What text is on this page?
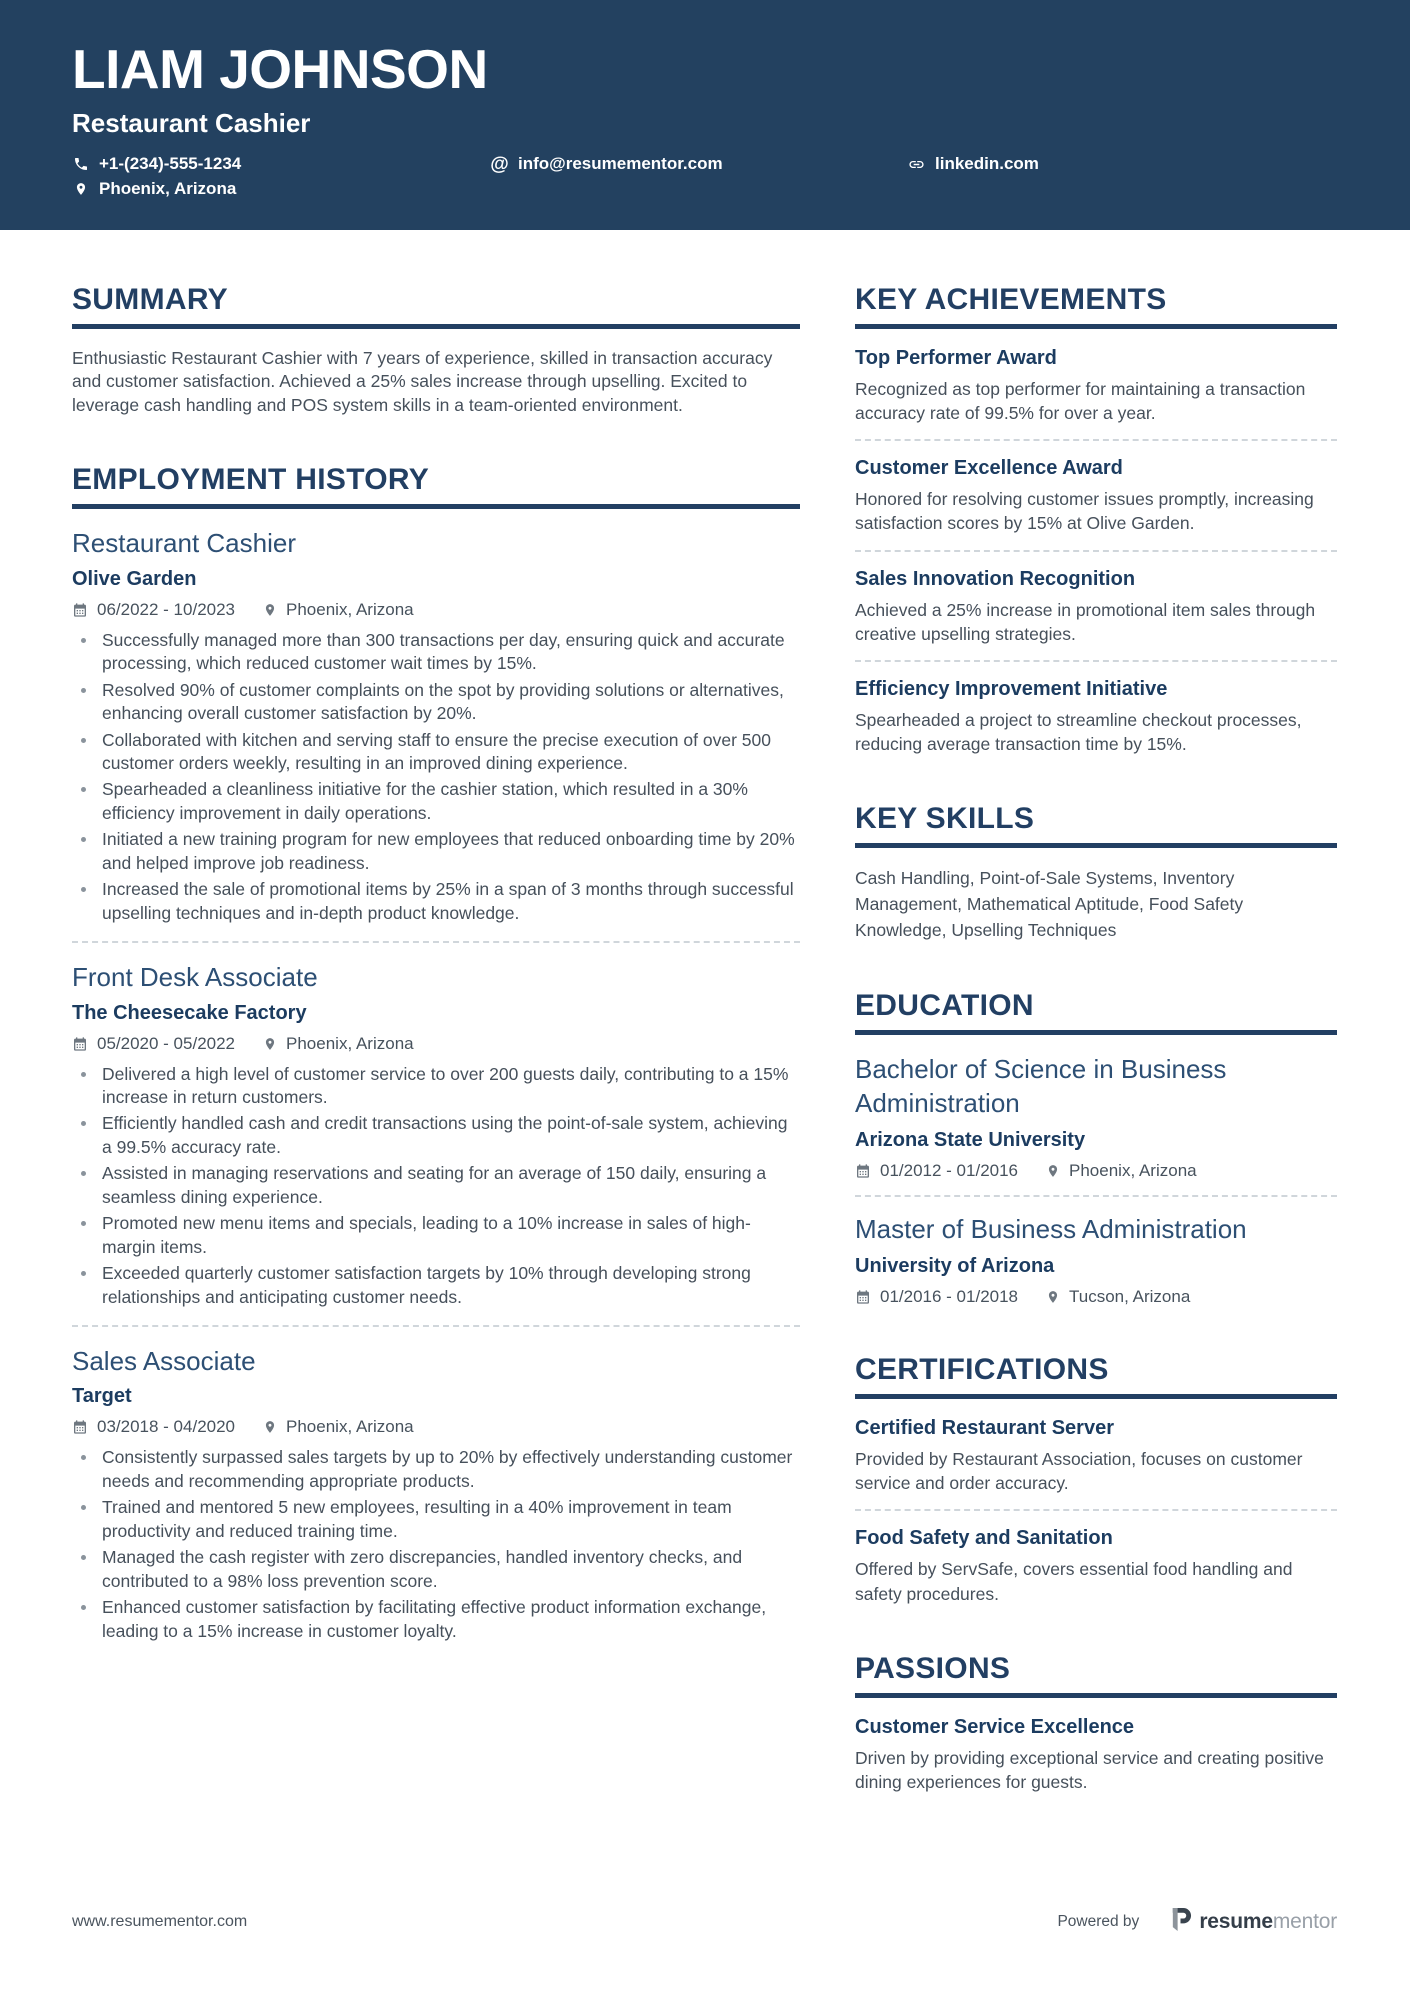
LIAM JOHNSON
Restaurant Cashier
+1-(234)-555-1234	@ info@resumementor.com	linkedin.com
Phoenix, Arizona
SUMMARY

Enthusiastic Restaurant Cashier with 7 years of experience, skilled in transaction accuracy and customer satisfaction. Achieved a 25% sales increase through upselling. Excited to leverage cash handling and POS system skills in a team-oriented environment.

EMPLOYMENT HISTORY
Restaurant Cashier
Olive Garden
06/2022 - 10/2023	Phoenix, Arizona
Successfully managed more than 300 transactions per day, ensuring quick and accurate processing, which reduced customer wait times by 15%.
Resolved 90% of customer complaints on the spot by providing solutions or alternatives, enhancing overall customer satisfaction by 20%.
Collaborated with kitchen and serving staff to ensure the precise execution of over 500 customer orders weekly, resulting in an improved dining experience.
Spearheaded a cleanliness initiative for the cashier station, which resulted in a 30% efficiency improvement in daily operations.
Initiated a new training program for new employees that reduced onboarding time by 20% and helped improve job readiness.
Increased the sale of promotional items by 25% in a span of 3 months through successful upselling techniques and in-depth product knowledge.
Front Desk Associate
The Cheesecake Factory
05/2020 - 05/2022	Phoenix, Arizona
Delivered a high level of customer service to over 200 guests daily, contributing to a 15% increase in return customers.
Efficiently handled cash and credit transactions using the point-of-sale system, achieving a 99.5% accuracy rate.
Assisted in managing reservations and seating for an average of 150 daily, ensuring a seamless dining experience.
Promoted new menu items and specials, leading to a 10% increase in sales of high-margin items.
Exceeded quarterly customer satisfaction targets by 10% through developing strong relationships and anticipating customer needs.
Sales Associate
Target
03/2018 - 04/2020	Phoenix, Arizona
Consistently surpassed sales targets by up to 20% by effectively understanding customer needs and recommending appropriate products.
Trained and mentored 5 new employees, resulting in a 40% improvement in team productivity and reduced training time.
Managed the cash register with zero discrepancies, handled inventory checks, and contributed to a 98% loss prevention score.
Enhanced customer satisfaction by facilitating effective product information exchange, leading to a 15% increase in customer loyalty.
KEY ACHIEVEMENTS
Top Performer Award

Recognized as top performer for maintaining a transaction accuracy rate of 99.5% for over a year.

Customer Excellence Award

Honored for resolving customer issues promptly, increasing satisfaction scores by 15% at Olive Garden.

Sales Innovation Recognition

Achieved a 25% increase in promotional item sales through creative upselling strategies.

Efficiency Improvement Initiative

Spearheaded a project to streamline checkout processes, reducing average transaction time by 15%.

KEY SKILLS

Cash Handling, Point-of-Sale Systems, Inventory Management, Mathematical Aptitude, Food Safety Knowledge, Upselling Techniques

EDUCATION
Bachelor of Science in Business Administration
Arizona State University
01/2012 - 01/2016	Phoenix, Arizona
Master of Business Administration
University of Arizona
01/2016 - 01/2018	Tucson, Arizona
CERTIFICATIONS
Certified Restaurant Server

Provided by Restaurant Association, focuses on customer service and order accuracy.

Food Safety and Sanitation

Offered by ServSafe, covers essential food handling and safety procedures.

PASSIONS
Customer Service Excellence

Driven by providing exceptional service and creating positive dining experiences for guests.

www.resumementor.com	Powered by	resumementor
